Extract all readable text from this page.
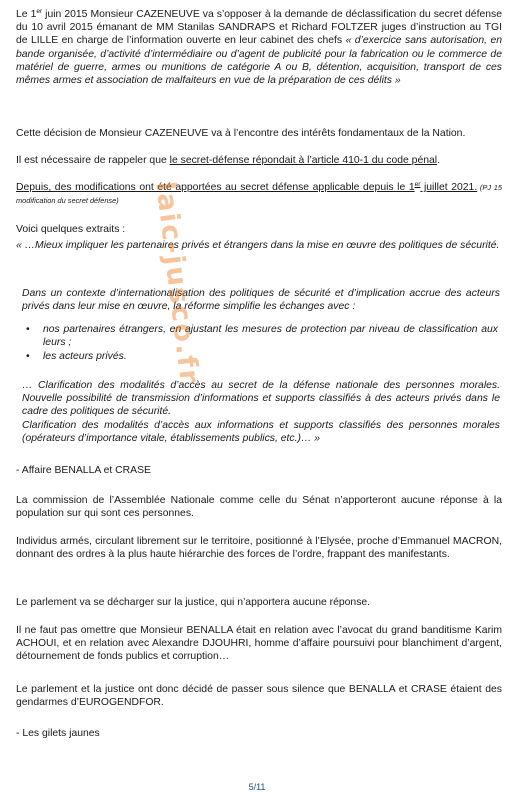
Le 1er juin 2015 Monsieur CAZENEUVE va s’opposer à la demande de déclassification du secret défense du 10 avril 2015 émanant de MM Stanilas SANDRAPS et Richard FOLTZER juges d’instruction au TGI de LILLE en charge de l’information ouverte en leur cabinet des chefs « d’exercice sans autorisation, en bande organisée, d’activité d’intermédiaire ou d’agent de publicité pour la fabrication ou le commerce de matériel de guerre, armes ou munitions de catégorie A ou B, détention, acquisition, transport de ces mêmes armes et association de malfaiteurs en vue de la préparation de ces délits »
Cette décision de Monsieur CAZENEUVE va à l’encontre des intérêts fondamentaux de la Nation.
Il est nécessaire de rappeler que le secret-défense répondait à l’article 410-1 du code pénal.
Depuis, des modifications ont été apportées au secret défense applicable depuis le 1er juillet 2021. (PJ 15 modification du secret défense)
Voici quelques extraits :
« …Mieux impliquer les partenaires privés et étrangers dans la mise en œuvre des politiques de sécurité.
Dans un contexte d’internationalisation des politiques de sécurité et d’implication accrue des acteurs privés dans leur mise en œuvre, la réforme simplifie les échanges avec :
• nos partenaires étrangers, en ajustant les mesures de protection par niveau de classification aux leurs ;
• les acteurs privés.
… Clarification des modalités d’accès au secret de la défense nationale des personnes morales. Nouvelle possibilité de transmission d’informations et supports classifiés à des acteurs privés dans le cadre des politiques de sécurité.
Clarification des modalités d’accès aux informations et supports classifiés des personnes morales (opérateurs d’importance vitale, établissements publics, etc.)… »
- Affaire BENALLA et CRASE
La commission de l’Assemblée Nationale comme celle du Sénat n’apporteront aucune réponse à la population sur qui sont ces personnes.
Individus armés, circulant librement sur le territoire, positionné à l’Elysée, proche d’Emmanuel MACRON, donnant des ordres à la plus haute hiérarchie des forces de l’ordre, frappant des manifestants.
Le parlement va se décharger sur la justice, qui n’apportera aucune réponse.
Il ne faut pas omettre que Monsieur BENALLA était en relation avec l’avocat du grand banditisme Karim ACHOUI, et en relation avec Alexandre DJOUHRI, homme d’affaire poursuivi pour blanchiment d’argent, détournement de fonds publics et corruption…
Le parlement et la justice ont donc décidé de passer sous silence que BENALLA et CRASE étaient des gendarmes d’EUROGENDFOR.
- Les gilets jaunes
laic-jusco.fr
5/11
